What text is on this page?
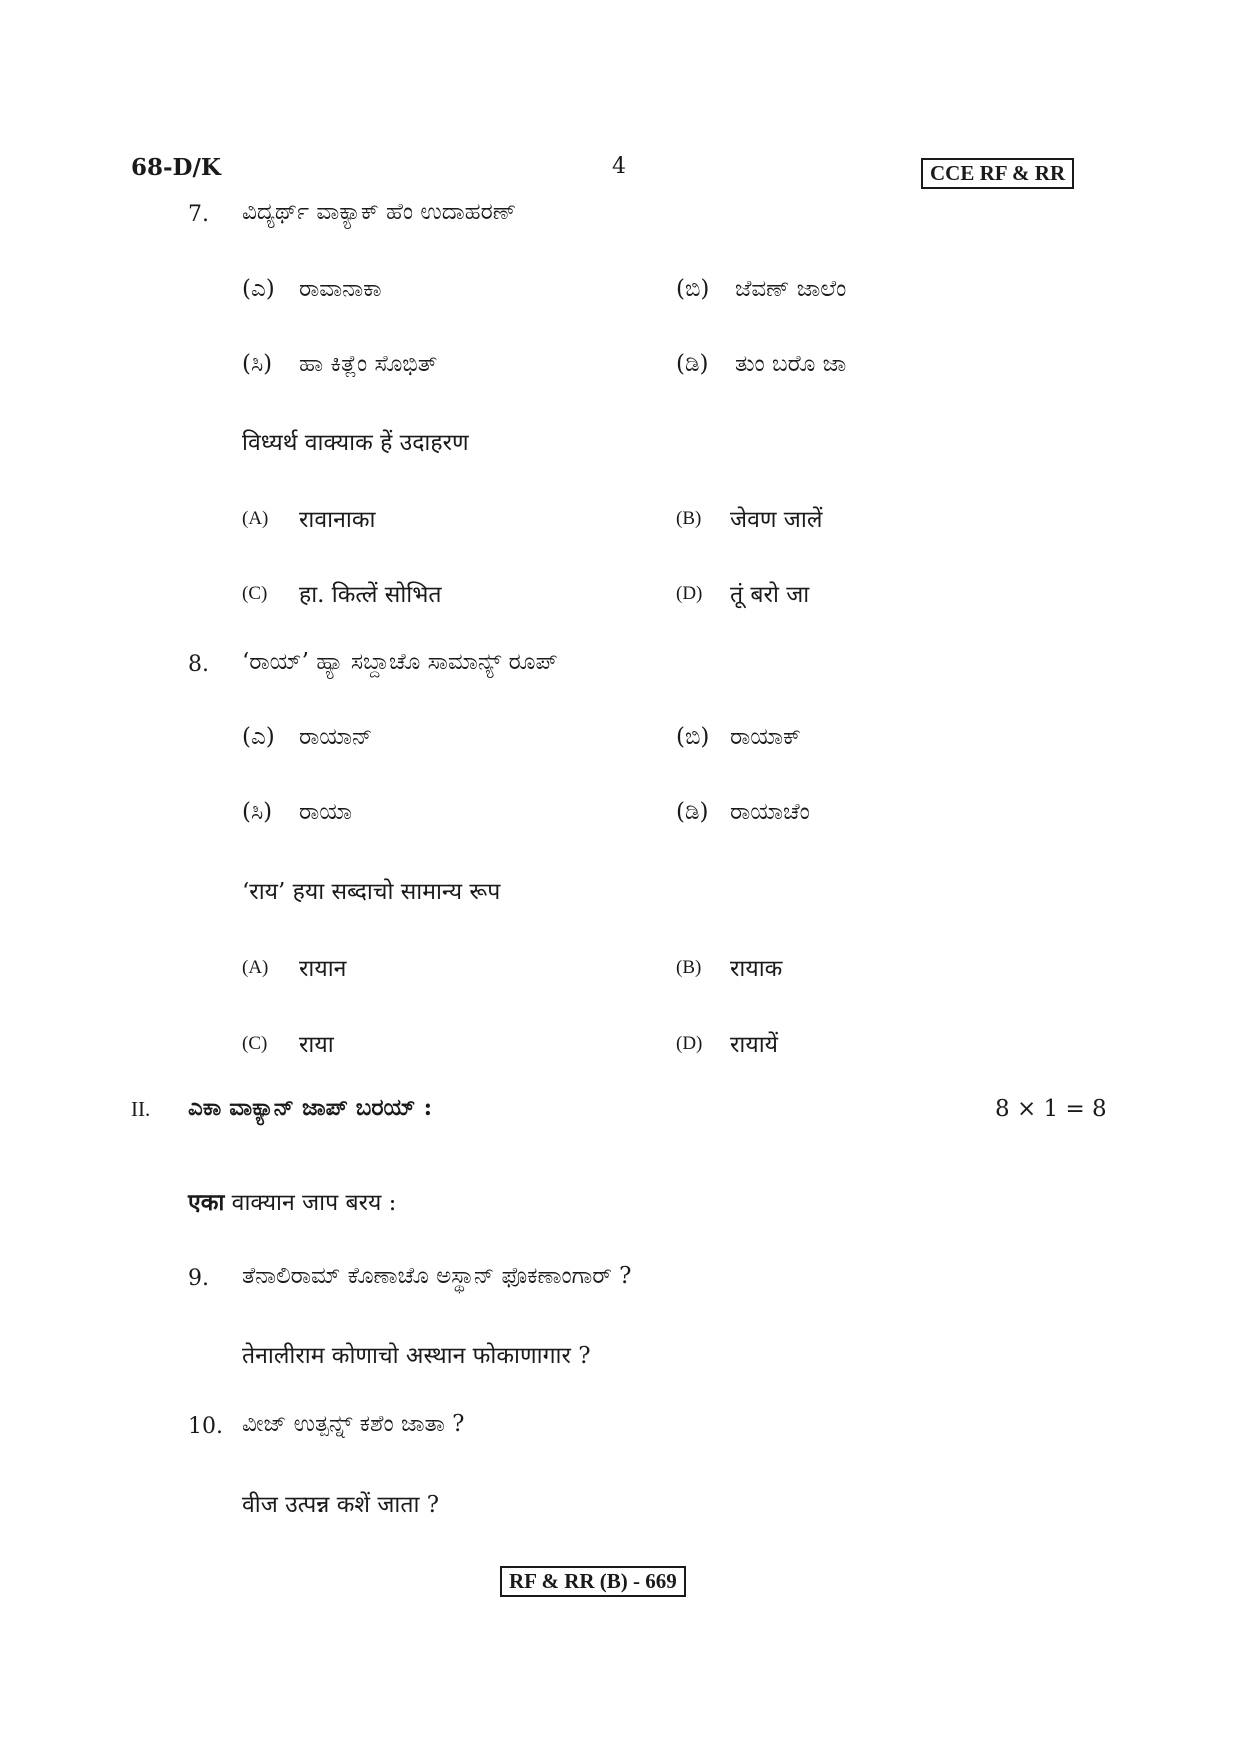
68-D/K	4	CCE RF & RR
7. ವಿದ್ಯರ್ಥ್ ವಾಕ್ಯಾಕ್ ಹೆಂ ಉದಾಹರಣ್
(ಎ) ರಾವಾನಾಕಾ	(ಬಿ) ಜೆವಣ್ ಜಾಲೆಂ
(ಸಿ) ಹಾ ಕಿತ್ಲೆಂ ಸೊಭಿತ್	(ಡಿ) ತುಂ ಬರೊ ಜಾ
विध्यर्थ वाक्याक हें उदाहरण
(A) रावानाका	(B) जेवण जालें
(C) हा. कित्लें सोभित	(D) तूं बरो जा
8. ‘ರಾಯ್’ ಹ್ಯಾ ಸಬ್ದಾಚೊ ಸಾಮಾನ್ಯ್ ರೂಪ್
(ಎ) ರಾಯಾನ್	(ಬಿ) ರಾಯಾಕ್
(ಸಿ) ರಾಯಾ	(ಡಿ) ರಾಯಾಚೆಂ
‘राय’ हया सब्दाचो सामान्य रूप
(A) रायान	(B) रायाक
(C) राया	(D) रायायें
II. ಎಕಾ ವಾಕ್ಯಾನ್ ಜಾಪ್ ಬರಯ್ :	8 × 1 = 8
एका वाक्यान जाप बरय :
9. ತೆನಾಲಿರಾಮ್ ಕೊಣಾಚೊ ಅಸ್ಥಾನ್ ಫೊಕಣಾಂಗಾರ್ ?
तेनालीराम कोणाचो अस्थान फोकाणागार ?
10. ವೀಜ್ ಉತ್ಪನ್ನ್ ಕಶೆಂ ಜಾತಾ ?
वीज उत्पन्न कशें जाता ?
RF & RR (B) - 669
